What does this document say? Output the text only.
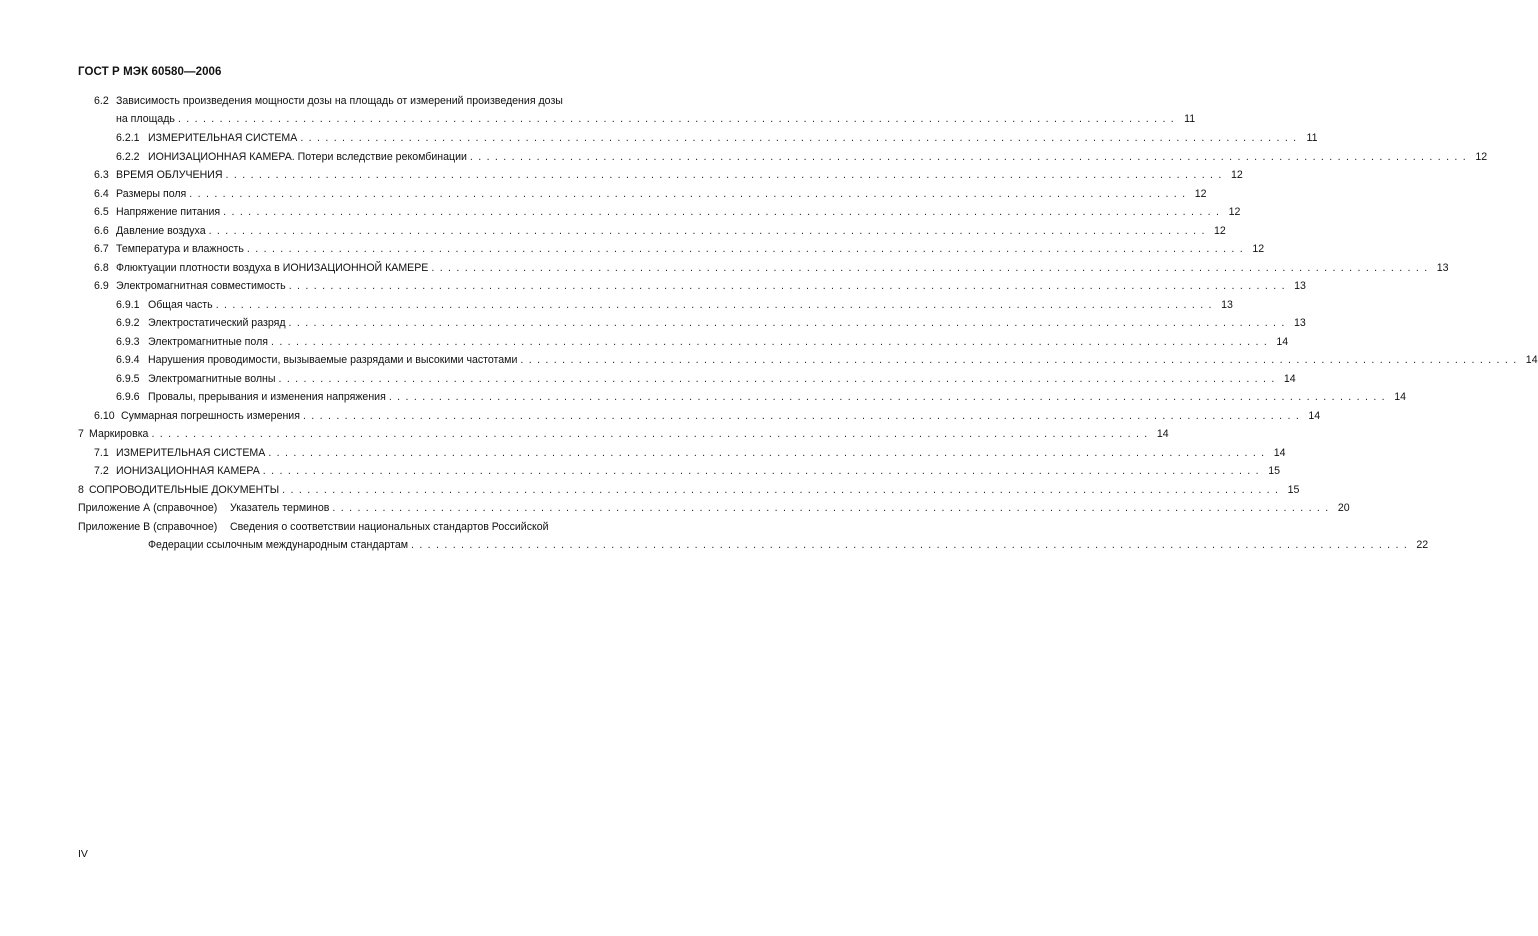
ГОСТ Р МЭК 60580—2006
6.2 Зависимость произведения мощности дозы на площадь от измерений произведения дозы
на площадь ........................................................................................................................ 11
6.2.1 ИЗМЕРИТЕЛЬНАЯ СИСТЕМА ........................................................................................................................ 11
6.2.2 ИОНИЗАЦИОННАЯ КАМЕРА. Потери вследствие рекомбинации ........................................................................................................................ 12
6.3 ВРЕМЯ ОБЛУЧЕНИЯ ........................................................................................................................ 12
6.4 Размеры поля ........................................................................................................................ 12
6.5 Напряжение питания ........................................................................................................................ 12
6.6 Давление воздуха ........................................................................................................................ 12
6.7 Температура и влажность ........................................................................................................................ 12
6.8 Флюктуации плотности воздуха в ИОНИЗАЦИОННОЙ КАМЕРЕ ........................................................................................................................ 13
6.9 Электромагнитная совместимость ........................................................................................................................ 13
6.9.1 Общая часть ........................................................................................................................ 13
6.9.2 Электростатический разряд ........................................................................................................................ 13
6.9.3 Электромагнитные поля ........................................................................................................................ 14
6.9.4 Нарушения проводимости, вызываемые разрядами и высокими частотами ........................................................................................................................ 14
6.9.5 Электромагнитные волны ........................................................................................................................ 14
6.9.6 Провалы, прерывания и изменения напряжения ........................................................................................................................ 14
6.10 Суммарная погрешность измерения ........................................................................................................................ 14
7 Маркировка ........................................................................................................................ 14
7.1 ИЗМЕРИТЕЛЬНАЯ СИСТЕМА ........................................................................................................................ 14
7.2 ИОНИЗАЦИОННАЯ КАМЕРА ........................................................................................................................ 15
8 СОПРОВОДИТЕЛЬНЫЕ ДОКУМЕНТЫ ........................................................................................................................ 15
Приложение А (справочное) Указатель терминов ........................................................................................................................ 20
Приложение В (справочное) Сведения о соответствии национальных стандартов Российской
Федерации ссылочным международным стандартам ........................................................................................................................ 22
IV
